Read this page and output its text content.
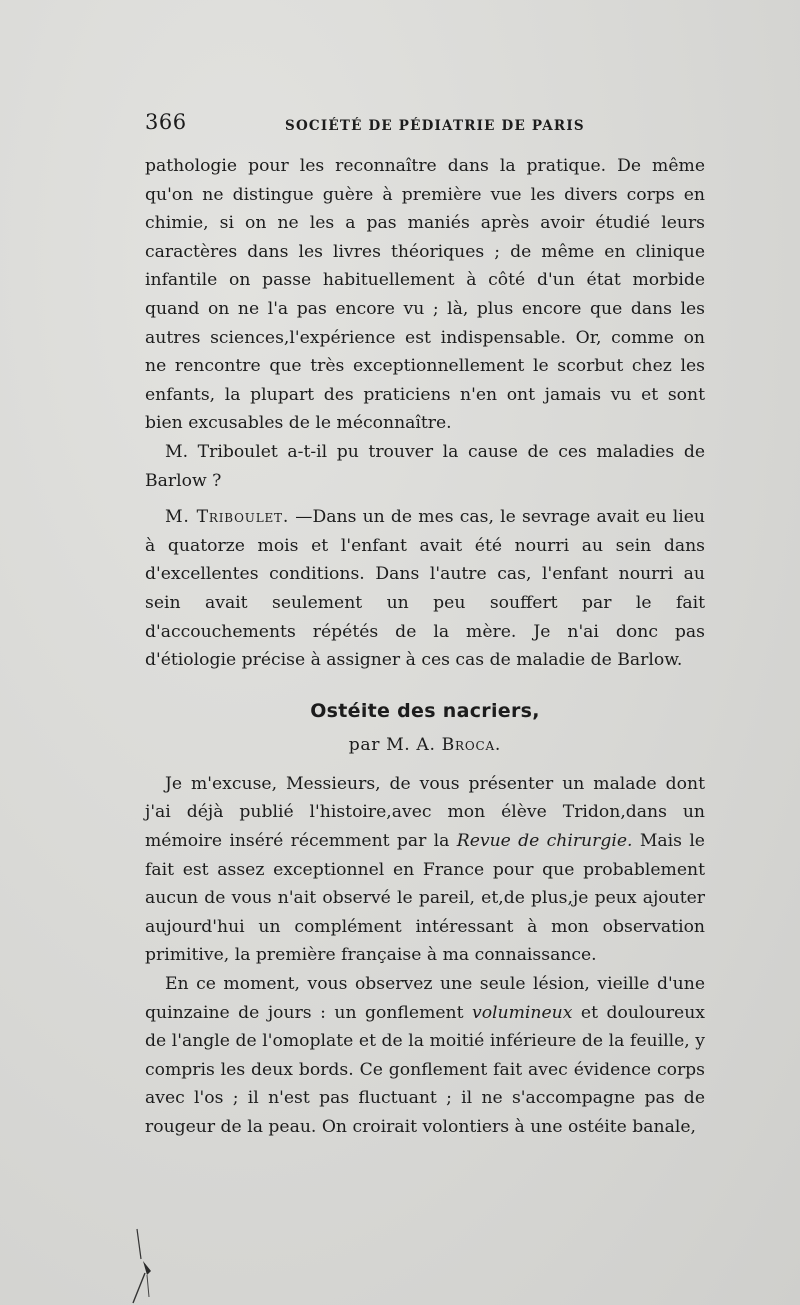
366	SOCIÉTÉ DE PÉDIATRIE DE PARIS

pathologie pour les reconnaître dans la pratique. De même qu'on ne distingue guère à première vue les divers corps en chimie, si on ne les a pas maniés après avoir étudié leurs caractères dans les livres théoriques ; de même en clinique infantile on passe habituellement à côté d'un état morbide quand on ne l'a pas encore vu ; là, plus encore que dans les autres sciences,l'expérience est indispensable. Or, comme on ne rencontre que très exceptionnellement le scorbut chez les enfants, la plupart des praticiens n'en ont jamais vu et sont bien excusables de le méconnaître.

M. Triboulet a-t-il pu trouver la cause de ces maladies de Barlow ?

M. Triboulet. —Dans un de mes cas, le sevrage avait eu lieu à quatorze mois et l'enfant avait été nourri au sein dans d'excellentes conditions. Dans l'autre cas, l'enfant nourri au sein avait seulement un peu souffert par le fait d'accouchements répétés de la mère. Je n'ai donc pas d'étiologie précise à assigner à ces cas de maladie de Barlow.

Ostéite des nacriers,

par M. A. Broca.

Je m'excuse, Messieurs, de vous présenter un malade dont j'ai déjà publié l'histoire,avec mon élève Tridon,dans un mémoire inséré récemment par la Revue de chirurgie. Mais le fait est assez exceptionnel en France pour que probablement aucun de vous n'ait observé le pareil, et,de plus,je peux ajouter aujourd'hui un complément intéressant à mon observation primitive, la première française à ma connaissance.

En ce moment, vous observez une seule lésion, vieille d'une quinzaine de jours : un gonflement volumineux et douloureux de l'angle de l'omoplate et de la moitié inférieure de la feuille, y compris les deux bords. Ce gonflement fait avec évidence corps avec l'os ; il n'est pas fluctuant ; il ne s'accompagne pas de rougeur de la peau. On croirait volontiers à une ostéite banale,
